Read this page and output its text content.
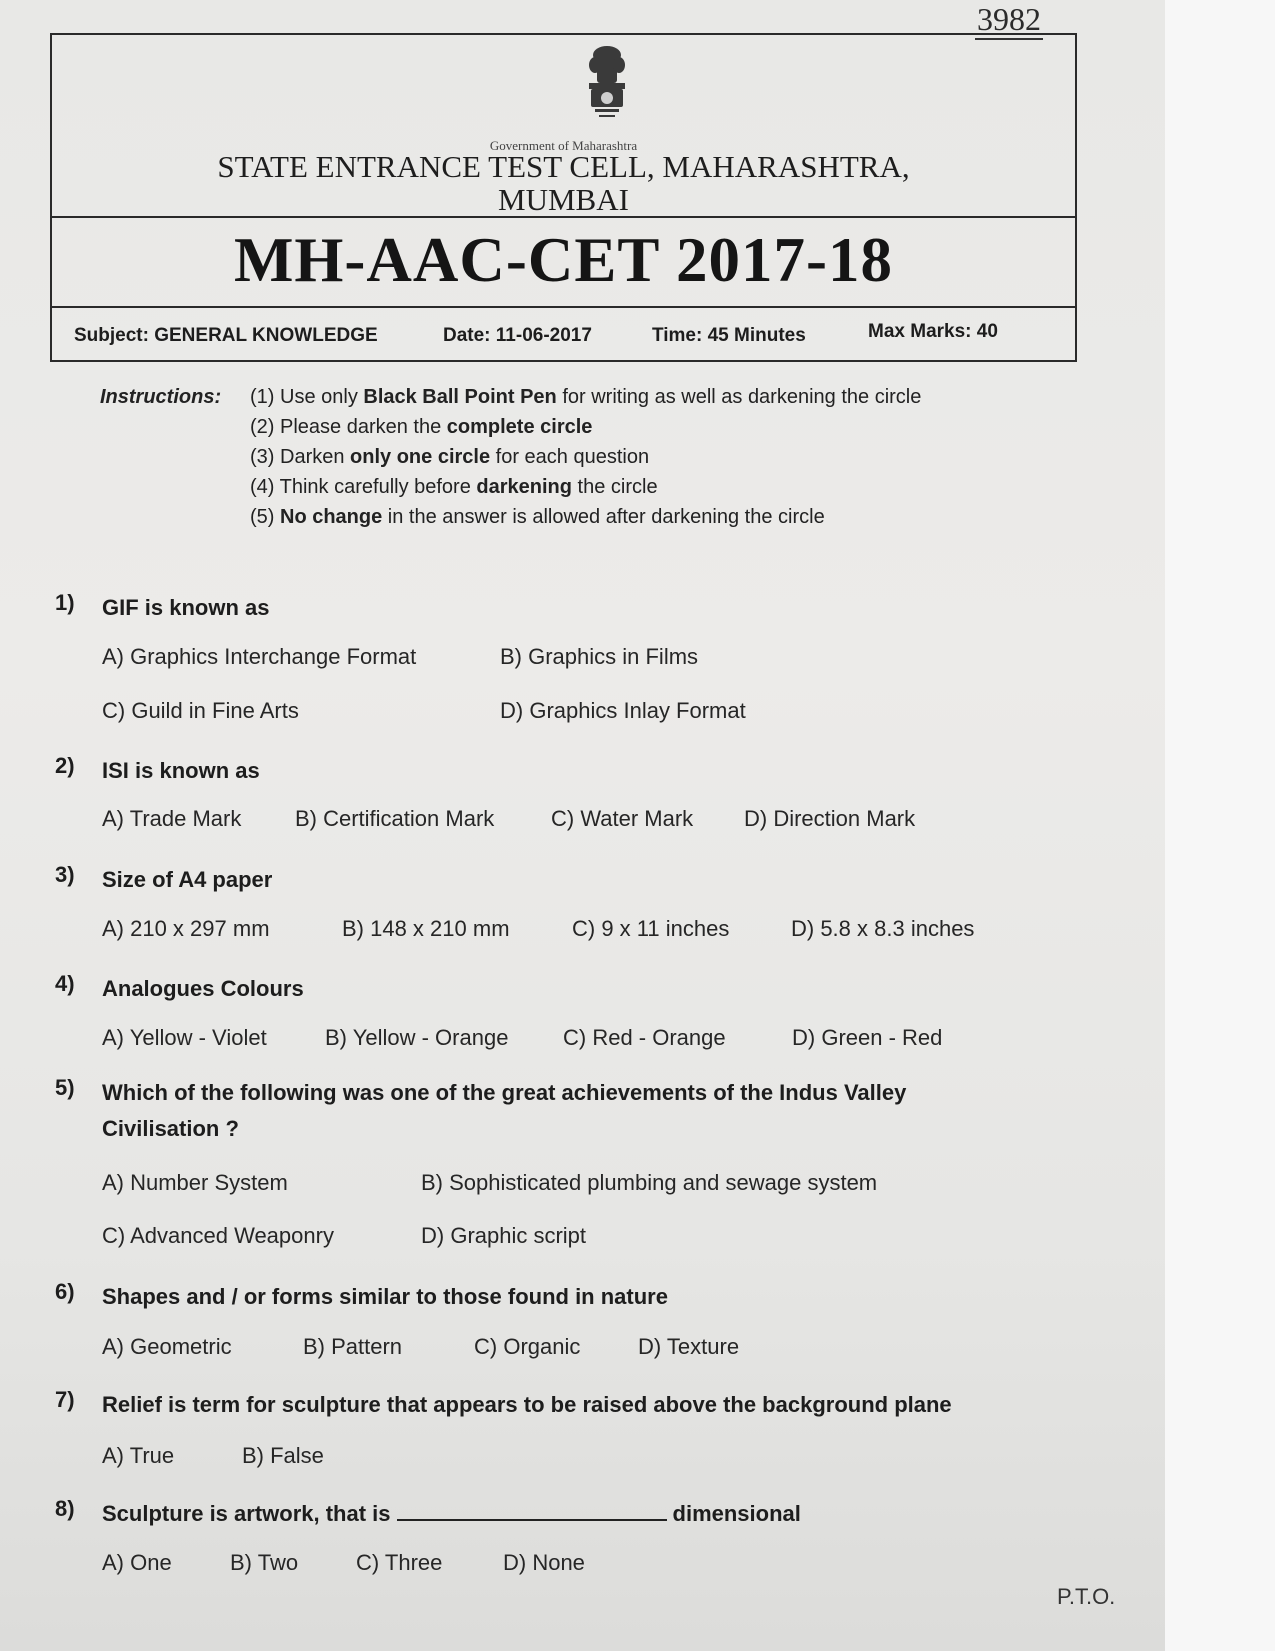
3982
Government of Maharashtra
STATE ENTRANCE TEST CELL, MAHARASHTRA,
MUMBAI
MH-AAC-CET 2017-18
Subject: GENERAL KNOWLEDGE	Date: 11-06-2017	Time: 45 Minutes	Max Marks: 40
Instructions: (1) Use only Black Ball Point Pen for writing as well as darkening the circle
(2) Please darken the complete circle
(3) Darken only one circle for each question
(4) Think carefully before darkening the circle
(5) No change in the answer is allowed after darkening the circle
1) GIF is known as
A) Graphics Interchange Format	B) Graphics in Films
C) Guild in Fine Arts	D) Graphics Inlay Format
2) ISI is known as
A) Trade Mark B) Certification Mark	C) Water Mark D) Direction Mark
3) Size of A4 paper
A) 210 x 297 mm	B) 148 x 210 mm	C) 9 x 11 inches	D) 5.8 x 8.3 inches
4) Analogues Colours
A) Yellow - Violet	B) Yellow - Orange C) Red - Orange	D) Green - Red
5) Which of the following was one of the great achievements of the Indus Valley
Civilisation ?
A) Number System	B) Sophisticated plumbing and sewage system
C) Advanced Weaponry	D) Graphic script
6) Shapes and / or forms similar to those found in nature
A) Geometric	B) Pattern	C) Organic	D) Texture
7) Relief is term for sculpture that appears to be raised above the background plane
A) True	B) False
8) Sculpture is artwork, that is	dimensional
A) One	B) Two	C) Three	D) None
P.T.O.
